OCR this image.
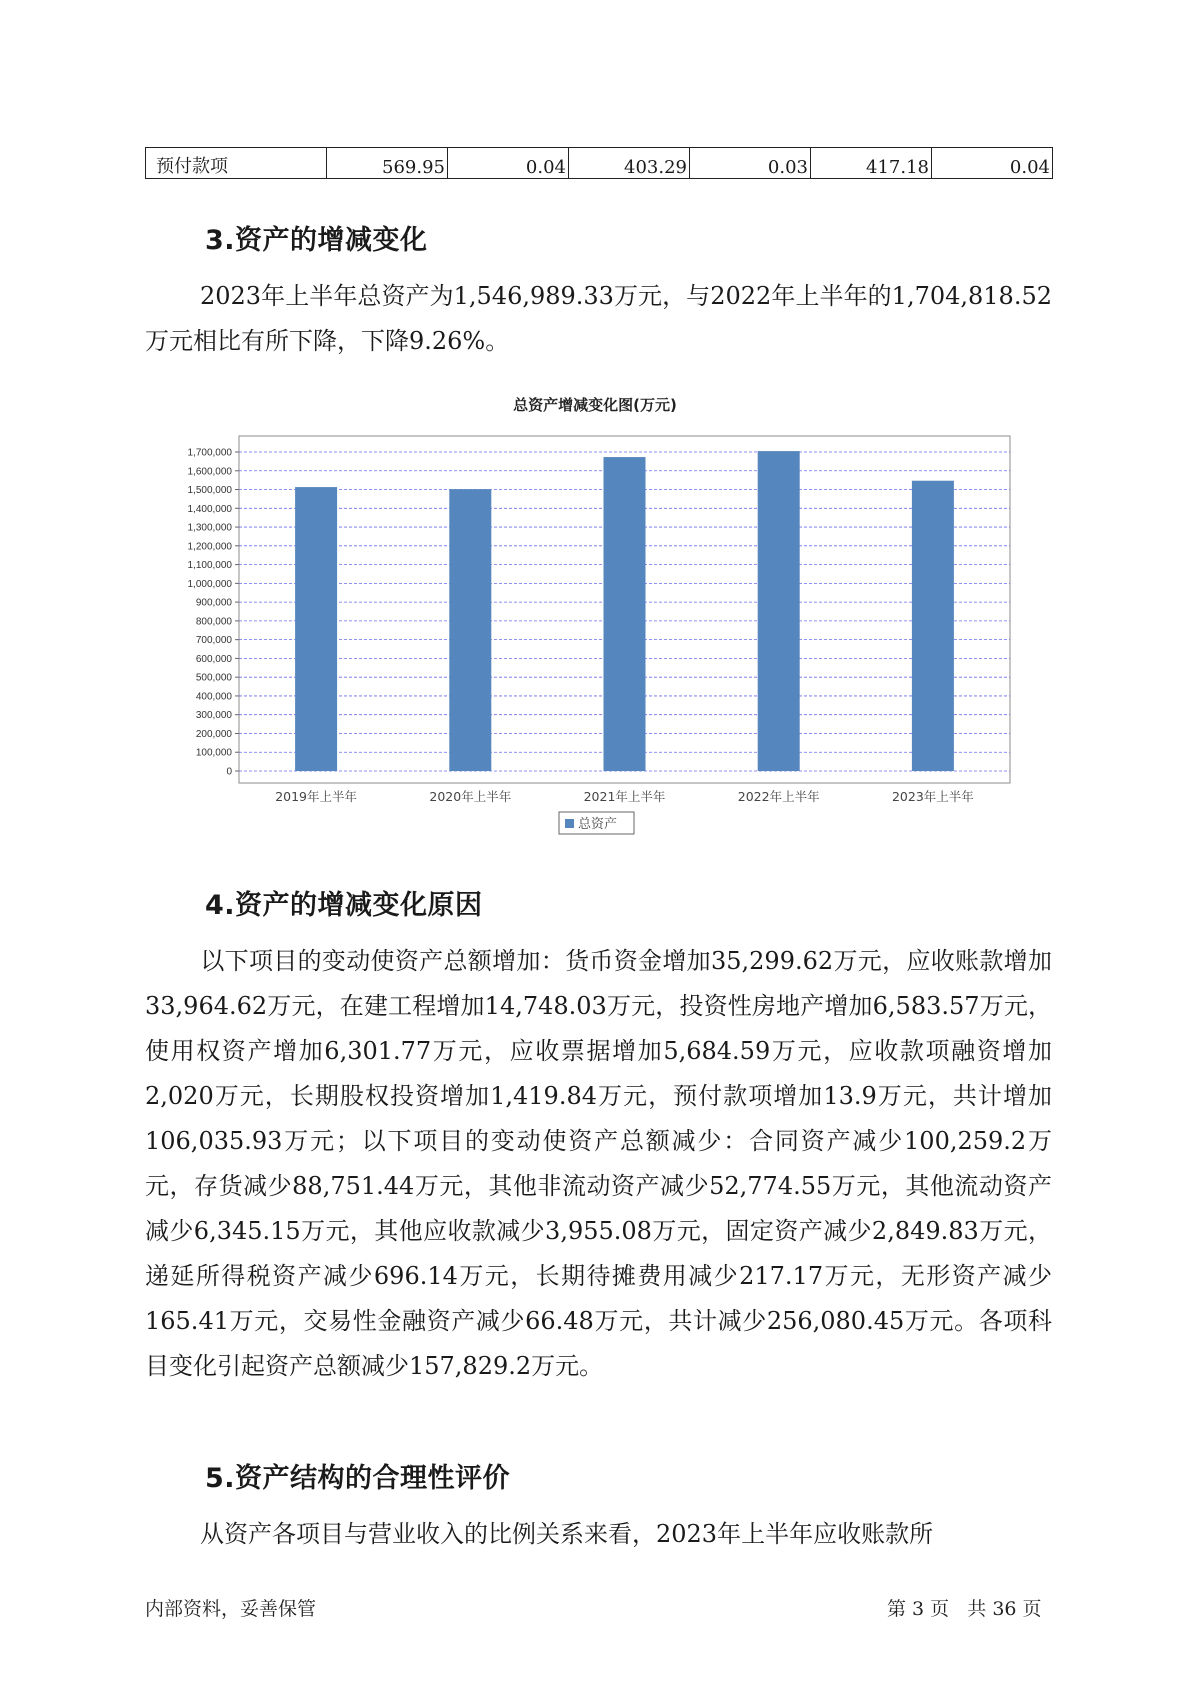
预付款项	569.95	0.04	403.29	0.03	417.18	0.04
3.资产的增减变化

2023年上半年总资产为1,546,989.33万元，与2022年上半年的1,704,818.52万元相比有所下降，下降9.26%。

总资产增减变化图(万元)
0
100,000
200,000
300,000
400,000
500,000
600,000
700,000
800,000
900,000
1,000,000
1,100,000
1,200,000
1,300,000
1,400,000
1,500,000
1,600,000
1,700,000
2019年上半年	2020年上半年	2021年上半年	2022年上半年	2023年上半年
总资产
4.资产的增减变化原因

以下项目的变动使资产总额增加：货币资金增加35,299.62万元，应收账款增加33,964.62万元，在建工程增加14,748.03万元，投资性房地产增加6,583.57万元，使用权资产增加6,301.77万元，应收票据增加5,684.59万元，应收款项融资增加2,020万元，长期股权投资增加1,419.84万元，预付款项增加13.9万元，共计增加106,035.93万元；以下项目的变动使资产总额减少：合同资产减少100,259.2万元，存货减少88,751.44万元，其他非流动资产减少52,774.55万元，其他流动资产减少6,345.15万元，其他应收款减少3,955.08万元，固定资产减少2,849.83万元，递延所得税资产减少696.14万元，长期待摊费用减少217.17万元，无形资产减少165.41万元，交易性金融资产减少66.48万元，共计减少256,080.45万元。各项科目变化引起资产总额减少157,829.2万元。

5.资产结构的合理性评价

从资产各项目与营业收入的比例关系来看，2023年上半年应收账款所

内部资料，妥善保管	第 3 页   共 36 页
